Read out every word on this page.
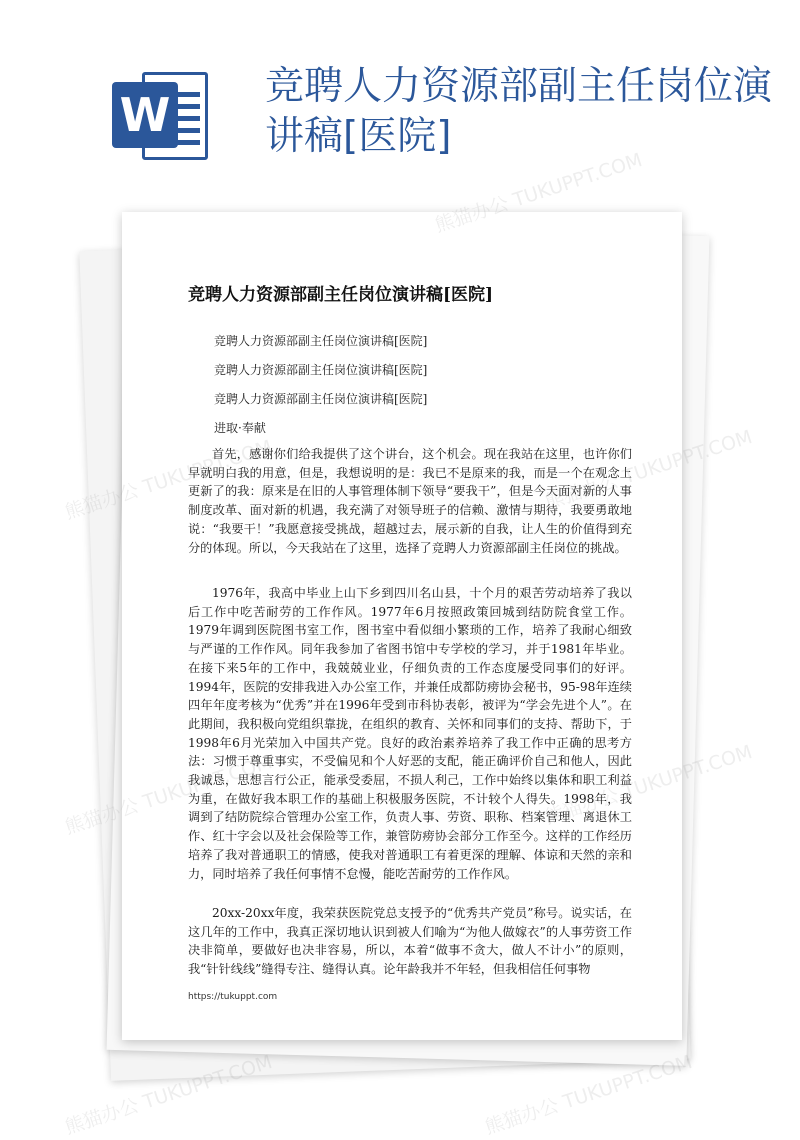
W
竞聘人力资源部副主任岗位演讲稿[医院]
竞聘人力资源部副主任岗位演讲稿[医院]
竞聘人力资源部副主任岗位演讲稿[医院]
竞聘人力资源部副主任岗位演讲稿[医院]
竞聘人力资源部副主任岗位演讲稿[医院]
进取·奉献

首先，感谢你们给我提供了这个讲台，这个机会。现在我站在这里，也许你们早就明白我的用意，但是，我想说明的是：我已不是原来的我，而是一个在观念上更新了的我：原来是在旧的人事管理体制下领导“要我干”，但是今天面对新的人事制度改革、面对新的机遇，我充满了对领导班子的信赖、激情与期待，我要勇敢地说：“我要干！”我愿意接受挑战，超越过去，展示新的自我，让人生的价值得到充分的体现。所以，今天我站在了这里，选择了竞聘人力资源部副主任岗位的挑战。

1976年，我高中毕业上山下乡到四川名山县，十个月的艰苦劳动培养了我以后工作中吃苦耐劳的工作作风。1977年6月按照政策回城到结防院食堂工作。1979年调到医院图书室工作，图书室中看似细小繁琐的工作，培养了我耐心细致与严谨的工作作风。同年我参加了省图书馆中专学校的学习，并于1981年毕业。在接下来5年的工作中，我兢兢业业，仔细负责的工作态度屡受同事们的好评。1994年，医院的安排我进入办公室工作，并兼任成都防痨协会秘书，95-98年连续四年年度考核为“优秀”并在1996年受到市科协表彰，被评为“学会先进个人”。在此期间，我积极向党组织靠拢，在组织的教育、关怀和同事们的支持、帮助下，于1998年6月光荣加入中国共产党。良好的政治素养培养了我工作中正确的思考方法：习惯于尊重事实，不受偏见和个人好恶的支配，能正确评价自己和他人，因此我诚恳，思想言行公正，能承受委屈，不损人利己，工作中始终以集体和职工利益为重，在做好我本职工作的基础上积极服务医院，不计较个人得失。1998年，我调到了结防院综合管理办公室工作，负责人事、劳资、职称、档案管理、离退休工作、红十字会以及社会保险等工作，兼管防痨协会部分工作至今。这样的工作经历培养了我对普通职工的情感，使我对普通职工有着更深的理解、体谅和天然的亲和力，同时培养了我任何事情不怠慢，能吃苦耐劳的工作作风。

20xx-20xx年度，我荣获医院党总支授予的“优秀共产党员”称号。说实话，在这几年的工作中，我真正深切地认识到被人们喻为“为他人做嫁衣”的人事劳资工作决非简单，要做好也决非容易，所以，本着“做事不贪大，做人不计小”的原则，我“针针线线”缝得专注、缝得认真。论年龄我并不年轻，但我相信任何事物

https://tukuppt.com
熊猫办公 TUKUPPT.COM
熊猫办公 TUKUPPT.COM	熊猫办公 TUKUPPT.COM
